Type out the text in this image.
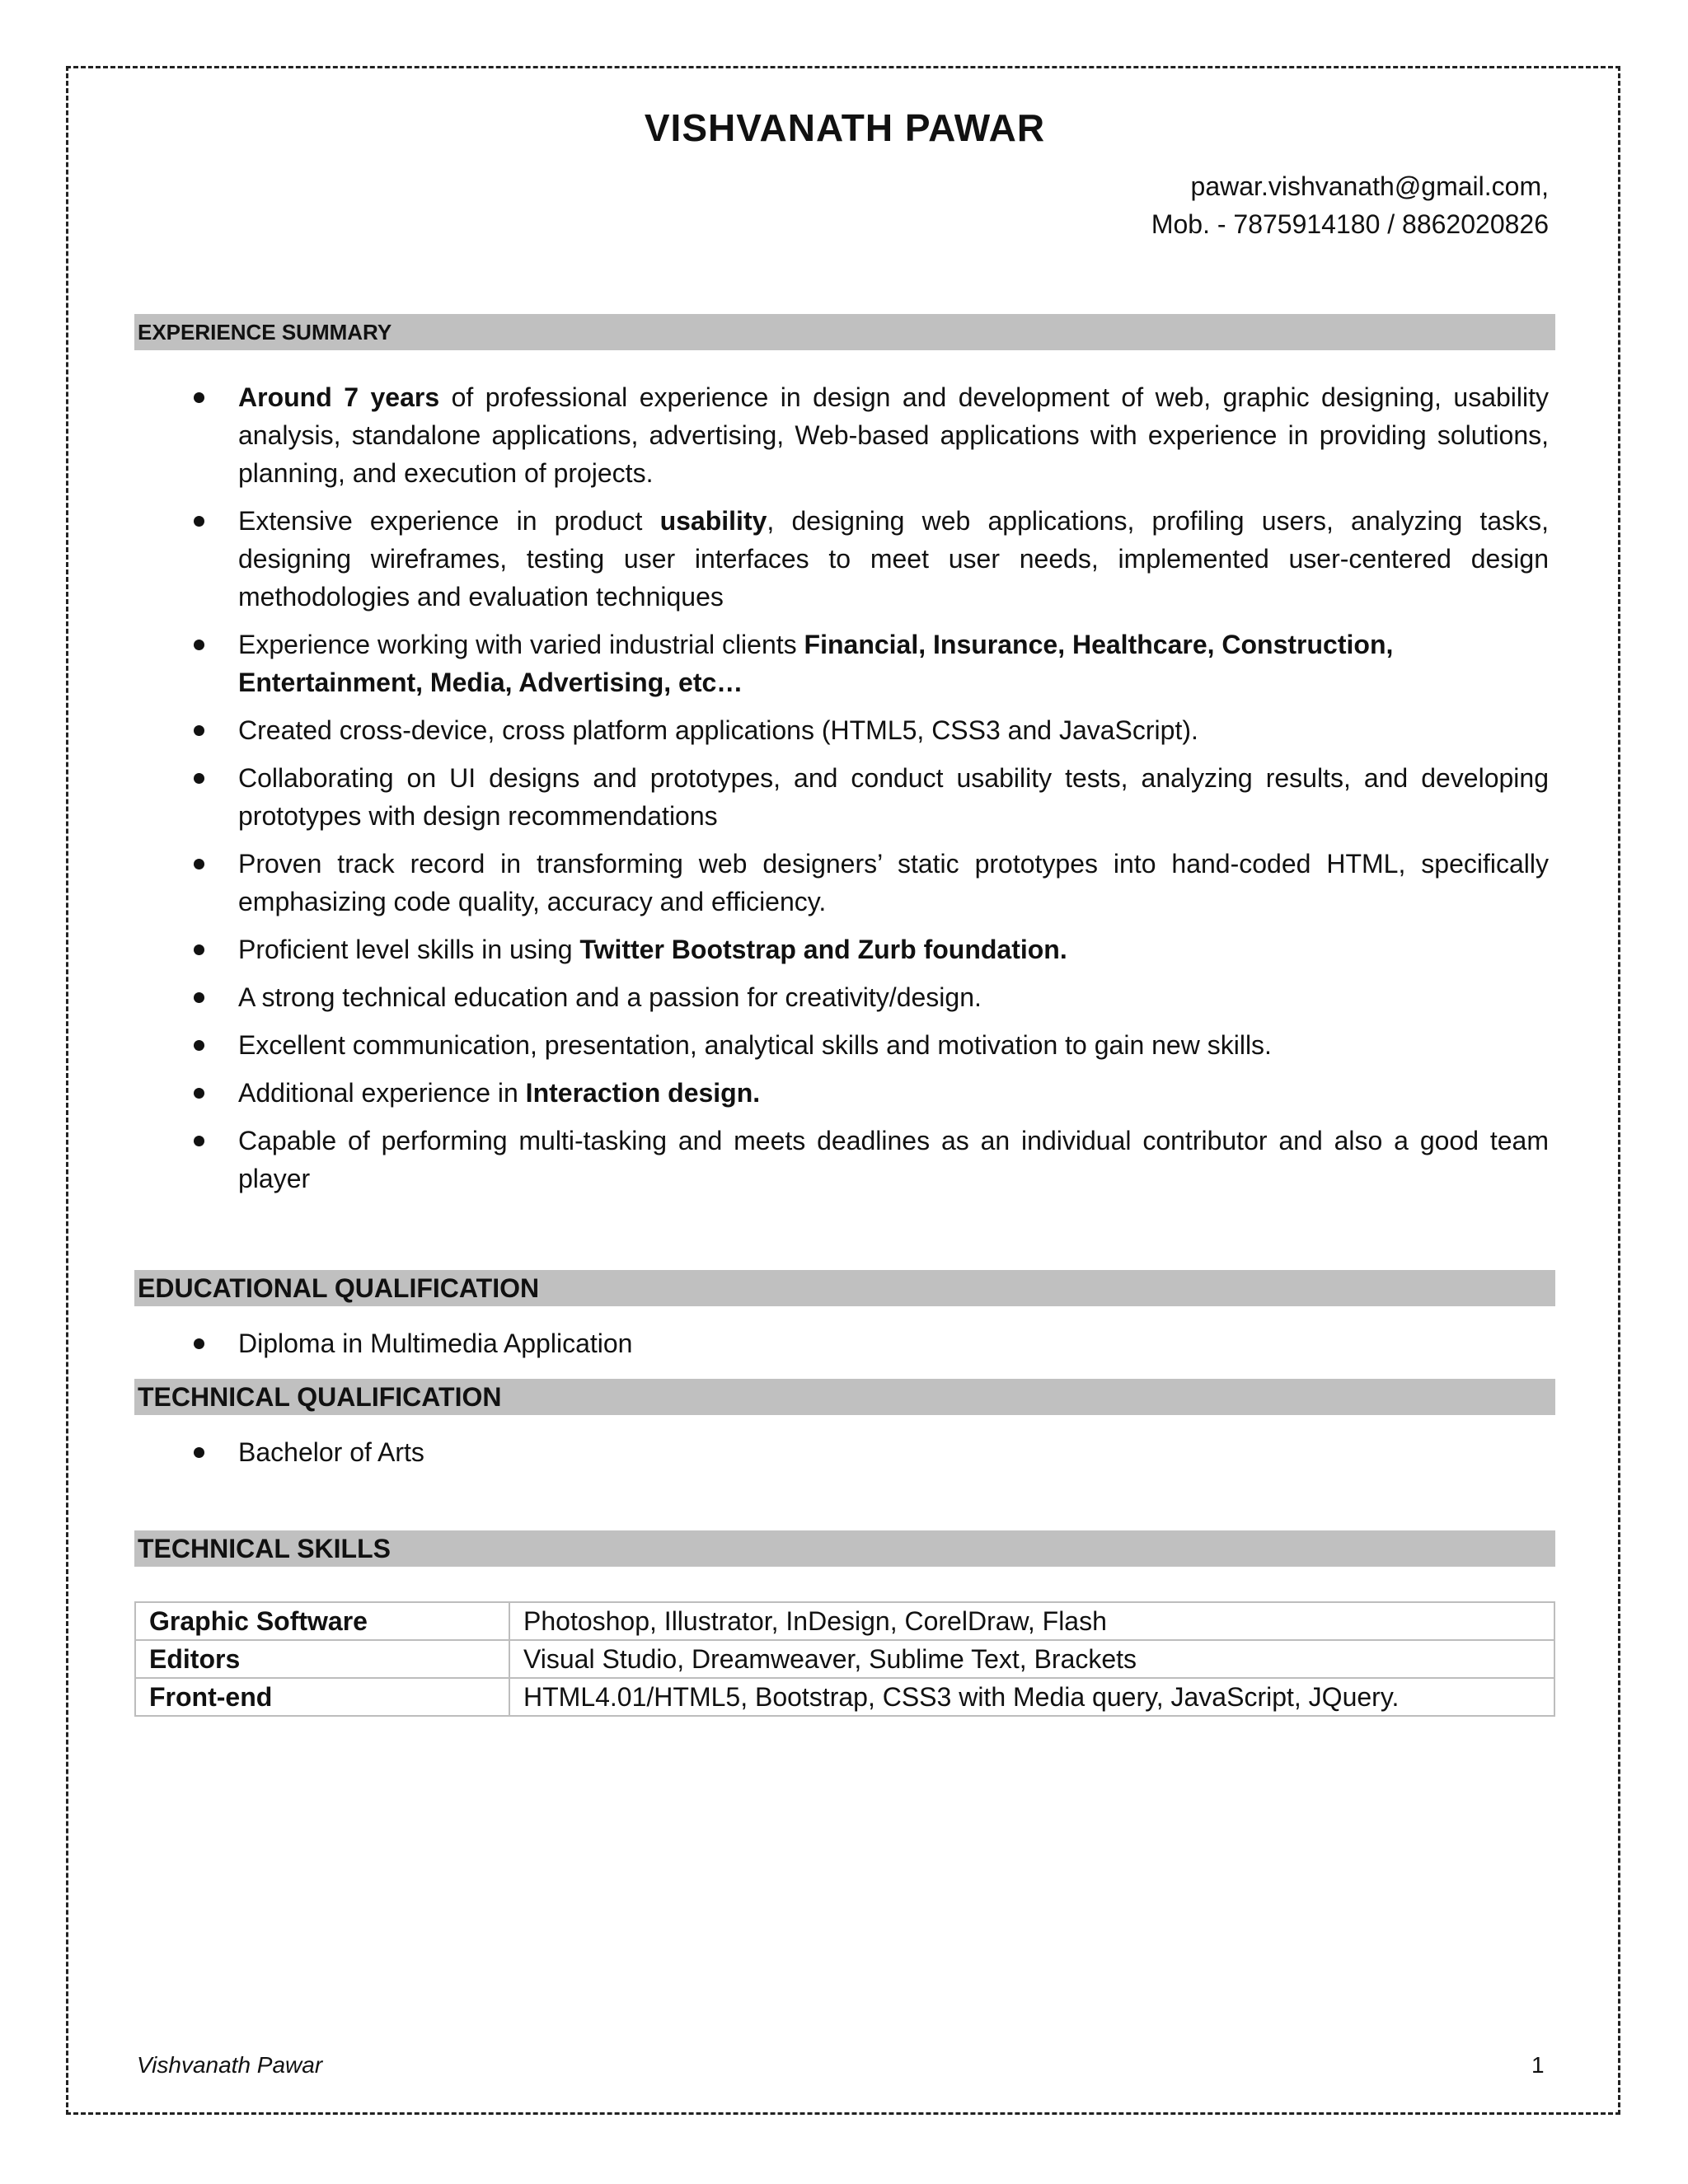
VISHVANATH PAWAR
pawar.vishvanath@gmail.com,
Mob. - 7875914180 / 8862020826
EXPERIENCE SUMMARY
Around 7 years of professional experience in design and development of web, graphic designing, usability analysis, standalone applications, advertising, Web-based applications with experience in providing solutions, planning, and execution of projects.
Extensive experience in product usability, designing web applications, profiling users, analyzing tasks, designing wireframes, testing user interfaces to meet user needs, implemented user-centered design methodologies and evaluation techniques
Experience working with varied industrial clients Financial, Insurance, Healthcare, Construction, Entertainment, Media, Advertising, etc…
Created cross-device, cross platform applications (HTML5, CSS3 and JavaScript).
Collaborating on UI designs and prototypes, and conduct usability tests, analyzing results, and developing prototypes with design recommendations
Proven track record in transforming web designers’ static prototypes into hand-coded HTML, specifically emphasizing code quality, accuracy and efficiency.
Proficient level skills in using Twitter Bootstrap and Zurb foundation.
A strong technical education and a passion for creativity/design.
Excellent communication, presentation, analytical skills and motivation to gain new skills.
Additional experience in Interaction design.
Capable of performing multi-tasking and meets deadlines as an individual contributor and also a good team player
EDUCATIONAL QUALIFICATION
Diploma in Multimedia Application
TECHNICAL QUALIFICATION
Bachelor of Arts
TECHNICAL SKILLS
Graphic Software	Photoshop, Illustrator, InDesign, CorelDraw, Flash
Editors	Visual Studio, Dreamweaver, Sublime Text, Brackets
Front-end	HTML4.01/HTML5, Bootstrap, CSS3 with Media query, JavaScript, JQuery.
Vishvanath Pawar	1
